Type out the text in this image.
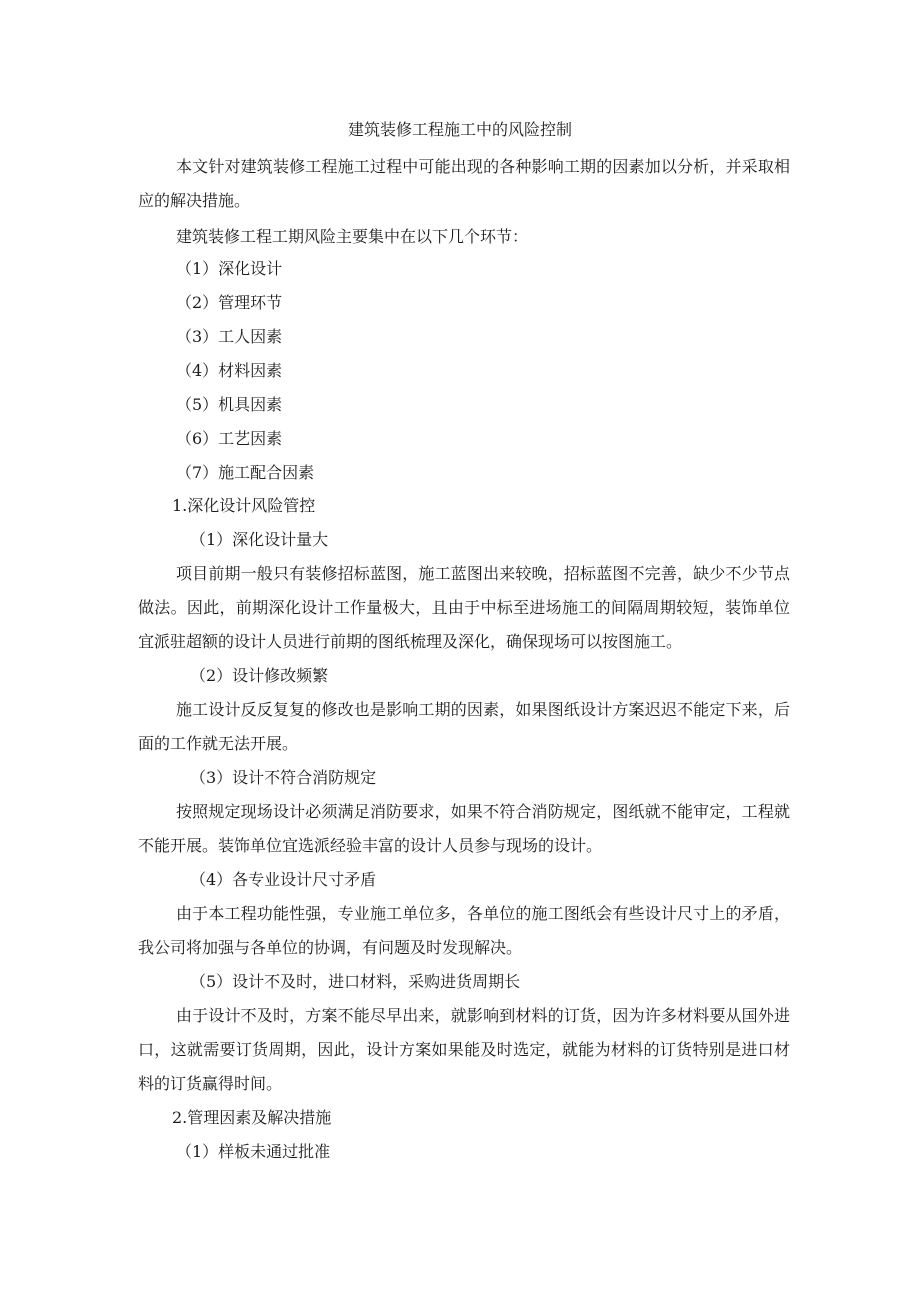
建筑装修工程施工中的风险控制

本文针对建筑装修工程施工过程中可能出现的各种影响工期的因素加以分析，并采取相应的解决措施。

建筑装修工程工期风险主要集中在以下几个环节：

（1）深化设计

（2）管理环节

（3）工人因素

（4）材料因素

（5）机具因素

（6）工艺因素

（7）施工配合因素

1.深化设计风险管控

（1）深化设计量大

项目前期一般只有装修招标蓝图，施工蓝图出来较晚，招标蓝图不完善，缺少不少节点做法。因此，前期深化设计工作量极大，且由于中标至进场施工的间隔周期较短，装饰单位宜派驻超额的设计人员进行前期的图纸梳理及深化，确保现场可以按图施工。

（2）设计修改频繁

施工设计反反复复的修改也是影响工期的因素，如果图纸设计方案迟迟不能定下来，后面的工作就无法开展。

（3）设计不符合消防规定

按照规定现场设计必须满足消防要求，如果不符合消防规定，图纸就不能审定，工程就不能开展。装饰单位宜选派经验丰富的设计人员参与现场的设计。

（4）各专业设计尺寸矛盾

由于本工程功能性强，专业施工单位多，各单位的施工图纸会有些设计尺寸上的矛盾，我公司将加强与各单位的协调，有问题及时发现解决。

（5）设计不及时，进口材料，采购进货周期长

由于设计不及时，方案不能尽早出来，就影响到材料的订货，因为许多材料要从国外进口，这就需要订货周期，因此，设计方案如果能及时选定，就能为材料的订货特别是进口材料的订货赢得时间。

2.管理因素及解决措施

（1）样板未通过批准
